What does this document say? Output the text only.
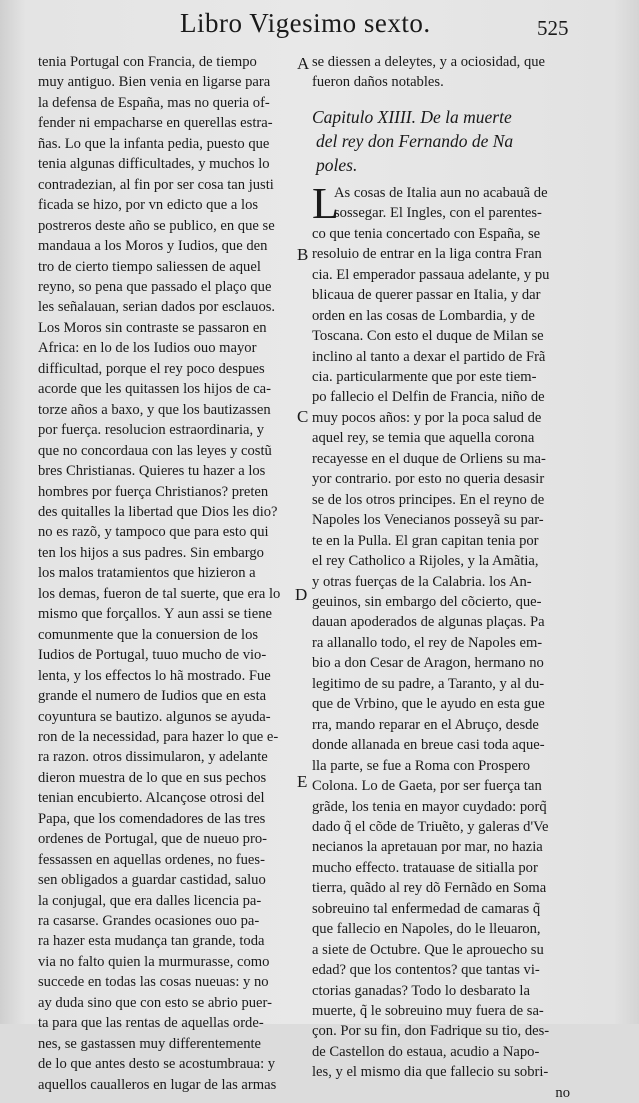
Libro Vigesimo sexto.	525
tenia Portugal con Francia, de tiempo
muy antiguo. Bien venia en ligarse para
la defensa de España, mas no queria of-
fender ni empacharse en querellas estra-
ñas. Lo que la infanta pedia, puesto que
tenia algunas difficultades, y muchos lo
contradezian, al fin por ser cosa tan justi
ficada se hizo, por vn edicto que a los
postreros deste año se publico, en que se
mandaua a los Moros y Iudios, que den
tro de cierto tiempo saliessen de aquel
reyno, so pena que passado el plaço que
les señalauan, serian dados por esclauos.
Los Moros sin contraste se passaron en
Africa: en lo de los Iudios ouo mayor
difficultad, porque el rey poco despues
acorde que les quitassen los hijos de ca-
torze años a baxo, y que los bautizassen
por fuerça. resolucion estraordinaria, y
que no concordaua con las leyes y costũ
bres Christianas. Quieres tu hazer a los
hombres por fuerça Christianos? preten
des quitalles la libertad que Dios les dio?
no es razõ, y tampoco que para esto qui
ten los hijos a sus padres. Sin embargo
los malos tratamientos que hizieron a
los demas, fueron de tal suerte, que era lo
mismo que forçallos. Y aun assi se tiene
comunmente que la conuersion de los
Iudios de Portugal, tuuo mucho de vio-
lenta, y los effectos lo hã mostrado. Fue
grande el numero de Iudios que en esta
coyuntura se bautizo. algunos se ayuda-
ron de la necessidad, para hazer lo que e-
ra razon. otros dissimularon, y adelante
dieron muestra de lo que en sus pechos
tenian encubierto. Alcançose otrosi del
Papa, que los comendadores de las tres
ordenes de Portugal, que de nueuo pro-
fessassen en aquellas ordenes, no fues-
sen obligados a guardar castidad, saluo
la conjugal, que era dalles licencia pa-
ra casarse. Grandes ocasiones ouo pa-
ra hazer esta mudança tan grande, toda
via no falto quien la murmurasse, como
succede en todas las cosas nueuas: y no
ay duda sino que con esto se abrio puer-
ta para que las rentas de aquellas orde-
nes, se gastassen muy differentemente
de lo que antes desto se acostumbraua: y
aquellos caualleros en lugar de las armas
A
B
C
D
E
se diessen a deleytes, y a ociosidad, que
fueron daños notables.
Capitulo XIIII. De la muerte
del rey don Fernando de Na
poles.
L
As cosas de Italia aun no acabauã de
sossegar. El Ingles, con el parentes-
co que tenia concertado con España, se
resoluio de entrar en la liga contra Fran
cia. El emperador passaua adelante, y pu
blicaua de querer passar en Italia, y dar
orden en las cosas de Lombardia, y de
Toscana. Con esto el duque de Milan se
inclino al tanto a dexar el partido de Frã
cia. particularmente que por este tiem-
po fallecio el Delfin de Francia, niño de
muy pocos años: y por la poca salud de
aquel rey, se temia que aquella corona
recayesse en el duque de Orliens su ma-
yor contrario. por esto no queria desasir
se de los otros principes. En el reyno de
Napoles los Venecianos posseyã su par-
te en la Pulla. El gran capitan tenia por
el rey Catholico a Rijoles, y la Amãtia,
y otras fuerças de la Calabria. los An-
geuinos, sin embargo del cõcierto, que-
dauan apoderados de algunas plaças. Pa
ra allanallo todo, el rey de Napoles em-
bio a don Cesar de Aragon, hermano no
legitimo de su padre, a Taranto, y al du-
que de Vrbino, que le ayudo en esta gue
rra, mando reparar en el Abruço, desde
donde allanada en breue casi toda aque-
lla parte, se fue a Roma con Prospero
Colona. Lo de Gaeta, por ser fuerça tan
grãde, los tenia en mayor cuydado: porq̃
dado q̃ el cõde de Triuẽto, y galeras d'Ve
necianos la apretauan por mar, no hazia
mucho effecto. tratauase de sitialla por
tierra, quãdo al rey dõ Fernãdo en Soma
sobreuino tal enfermedad de camaras q̃
que fallecio en Napoles, do le lleuaron,
a siete de Octubre. Que le aprouecho su
edad? que los contentos? que tantas vi-
ctorias ganadas? Todo lo desbarato la
muerte, q̃ le sobreuino muy fuera de sa-
çon. Por su fin, don Fadrique su tio, des-
de Castellon do estaua, acudio a Napo-
les, y el mismo dia que fallecio su sobri-
no
